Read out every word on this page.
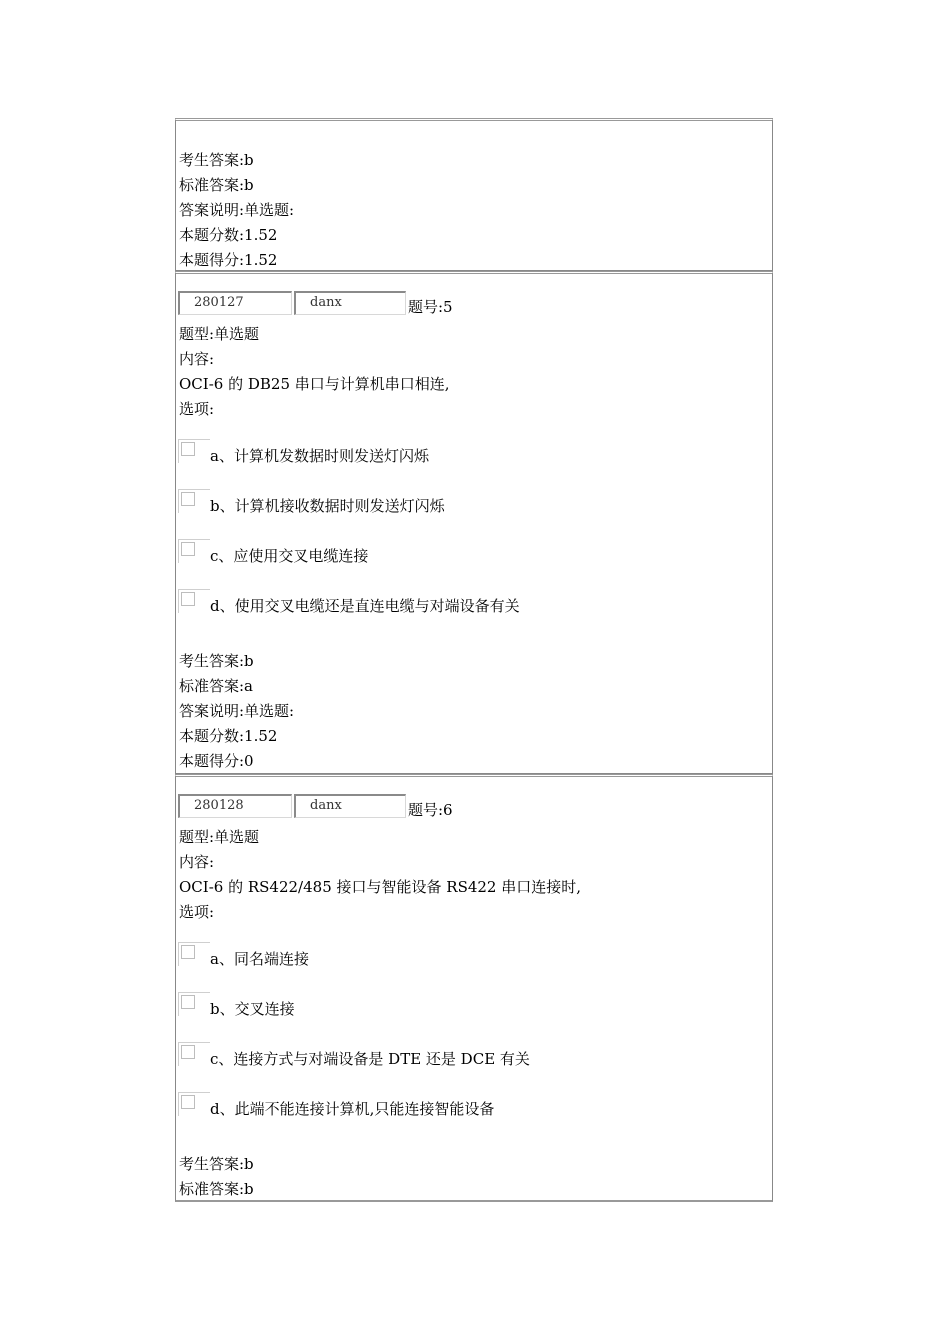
考生答案:b
标准答案:b
答案说明:单选题:
本题分数:1.52
本题得分:1.52
280127	danx	题号:5
题型:单选题
内容:
OCI-6 的 DB25 串口与计算机串口相连,
选项:
a、计算机发数据时则发送灯闪烁
b、计算机接收数据时则发送灯闪烁
c、应使用交叉电缆连接
d、使用交叉电缆还是直连电缆与对端设备有关
考生答案:b
标准答案:a
答案说明:单选题:
本题分数:1.52
本题得分:0
280128	danx	题号:6
题型:单选题
内容:
OCI-6 的 RS422/485 接口与智能设备 RS422 串口连接时,
选项:
a、同名端连接
b、交叉连接
c、连接方式与对端设备是 DTE 还是 DCE 有关
d、此端不能连接计算机,只能连接智能设备
考生答案:b
标准答案:b
